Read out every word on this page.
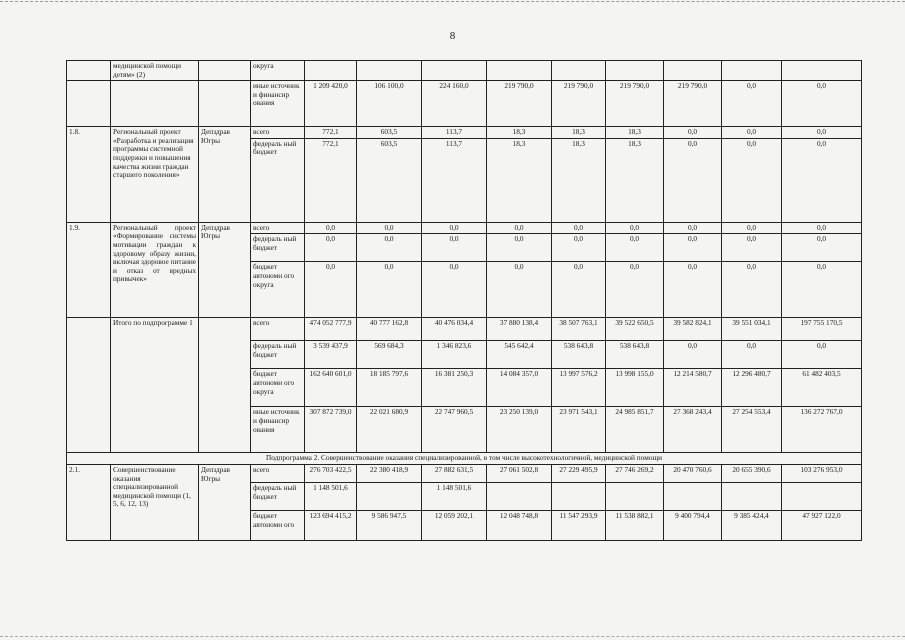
8
	медицинской помощи детям» (2)		округа									
			иные источник и финансир ования	1 209 420,0	106 100,0	224 160,0	219 790,0	219 790,0	219 790,0	219 790,0	0,0	0,0
1.8.	Региональный проект «Разработка и реализация программы системной поддержки и повышения качества жизни граждан старшего поколения»	Депздрав Югры	всего	772,1	603,5	113,7	18,3	18,3	18,3	0,0	0,0	0,0
			федераль ный бюджет	772,1	603,5	113,7	18,3	18,3	18,3	0,0	0,0	0,0
1.9.	Региональный проект «Формирование системы мотивации граждан к здоровому образу жизни, включая здоровое питание и отказ от вредных привычек»	Депздрав Югры	всего	0,0	0,0	0,0	0,0	0,0	0,0	0,0	0,0	0,0
			федераль ный бюджет	0,0	0,0	0,0	0,0	0,0	0,0	0,0	0,0	0,0
			бюджет автономн ого округа	0,0	0,0	0,0	0,0	0,0	0,0	0,0	0,0	0,0
	Итого по подпрограмме 1		всего	474 052 777,9	40 777 162,8	40 476 034,4	37 880 138,4	38 507 763,1	39 522 650,5	39 582 824,1	39 551 034,1	197 755 170,5
			федераль ный бюджет	3 539 437,9	569 684,3	1 346 823,6	545 642,4	538 643,8	538 643,8	0,0	0,0	0,0
			бюджет автономн ого округа	162 640 601,0	18 185 797,6	16 381 250,3	14 084 357,0	13 997 576,2	13 998 155,0	12 214 580,7	12 296 480,7	61 482 403,5
			иные источник и финансир ования	307 872 739,0	22 021 680,9	22 747 960,5	23 250 139,0	23 971 543,1	24 985 851,7	27 368 243,4	27 254 553,4	136 272 767,0
Подпрограмма 2. Совершенствование оказания специализированной, в том числе высокотехнологичной, медицинской помощи												
2.1.	Совершенствование оказания специализированной медицинской помощи (1, 5, 6, 12, 13)	Депздрав Югры	всего	276 703 422,5	22 380 418,9	27 882 631,5	27 061 502,8	27 229 495,9	27 746 269,2	20 470 760,6	20 655 390,6	103 276 953,0
			федераль ный бюджет	1 148 501,6		1 148 501,6						
			бюджет автономн ого	123 694 415,2	9 586 947,5	12 059 202,1	12 048 748,8	11 547 293,9	11 538 882,1	9 400 794,4	9 385 424,4	47 927 122,0
